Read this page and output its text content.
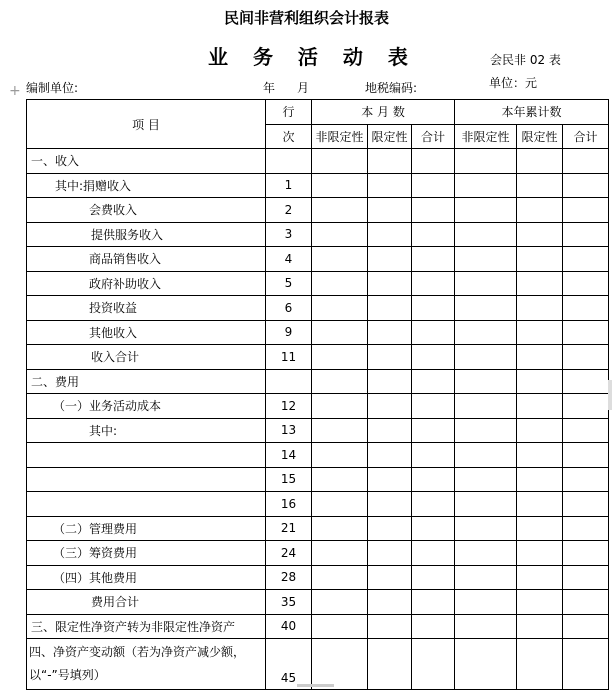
民间非营利组织会计报表
业 务 活 动 表	会民非 02 表
单位：元
+ 编制单位:	年 月	地税编码:
项 目	行	本 月 数			本年累计数		
	次	非限定性	限定性	合计	非限定性	限定性	合计
一、收入							
其中:捐赠收入	1						
会费收入	2						
提供服务收入	3						
商品销售收入	4						
政府补助收入	5						
投资收益	6						
其他收入	9						
收入合计	11						
二、费用							
（一）业务活动成本	12						
其中:	13						
	14						
	15						
	16						
（二）管理费用	21						
（三）筹资费用	24						
（四）其他费用	28						
费用合计	35						
三、限定性净资产转为非限定性净资产	40						

四、净资产变动额（若为净资产减少额，
以“-”号填列）	45						
